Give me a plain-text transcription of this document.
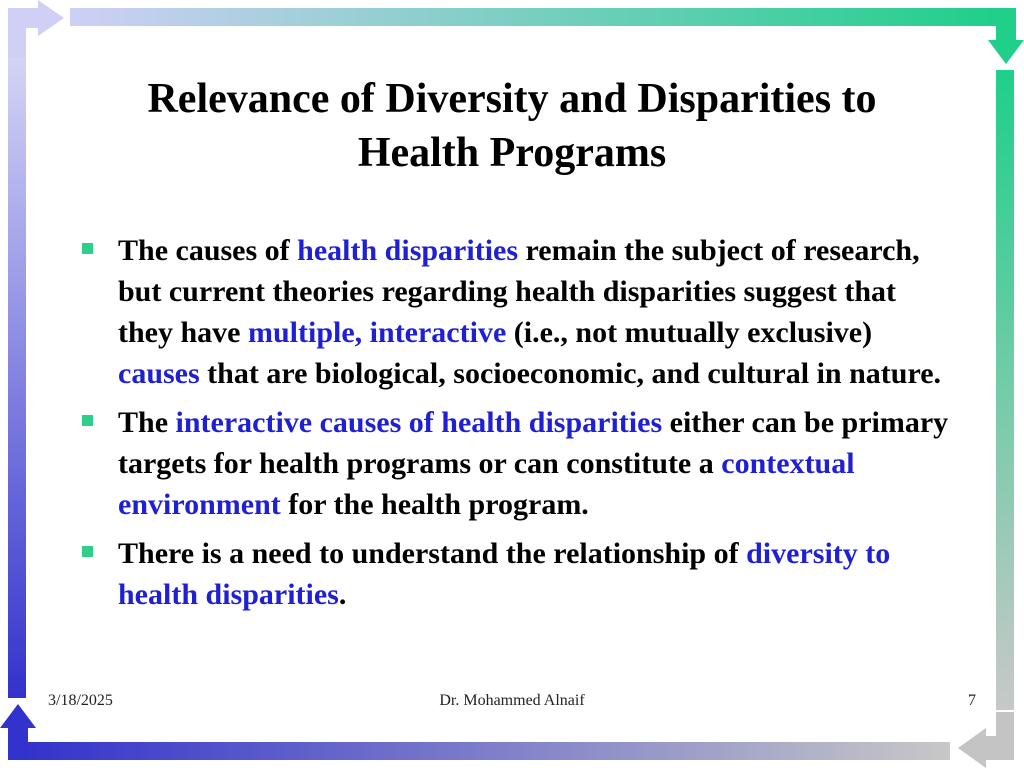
Relevance of Diversity and Disparities to
Health Programs
The causes of health disparities remain the subject of research, but current theories regarding health disparities suggest that they have multiple, interactive (i.e., not mutually exclusive) causes that are biological, socioeconomic, and cultural in nature.
The interactive causes of health disparities either can be primary targets for health programs or can constitute a contextual environment for the health program.
There is a need to understand the relationship of diversity to health disparities.
3/18/2025	Dr. Mohammed Alnaif	7
